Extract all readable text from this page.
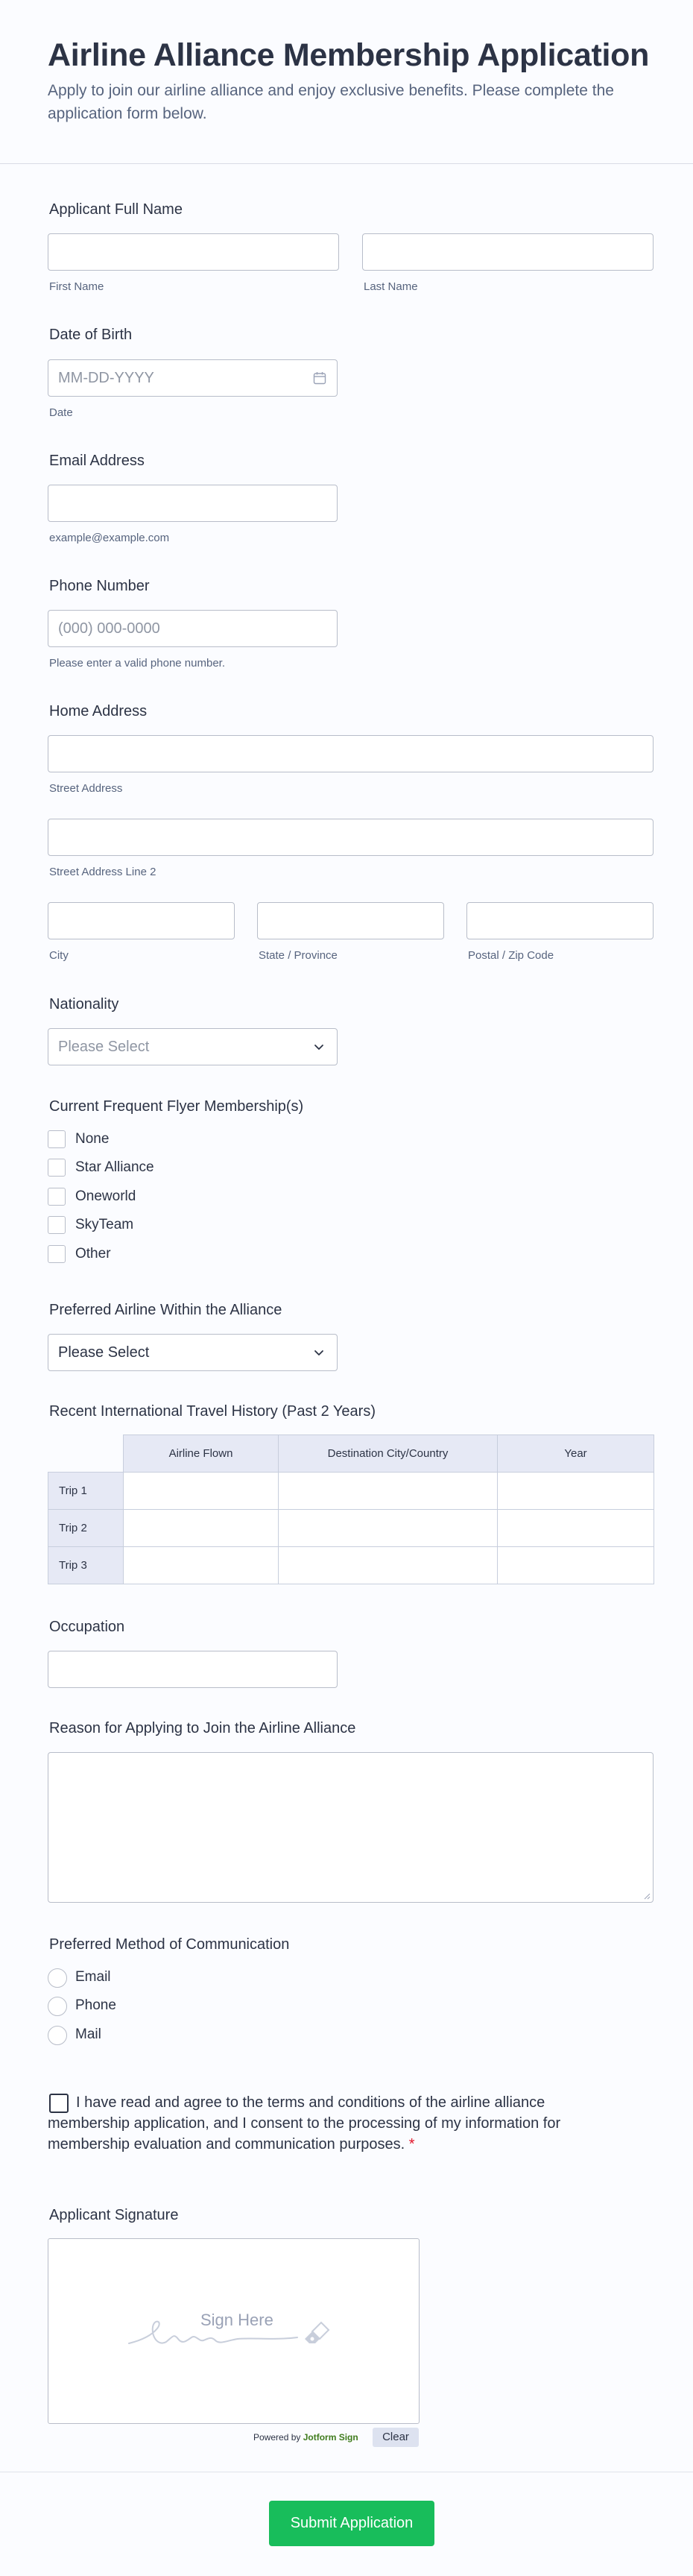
Airline Alliance Membership Application

Apply to join our airline alliance and enjoy exclusive benefits. Please complete the application form below.

Applicant Full Name
First Name	Last Name
Date of Birth
MM-DD-YYYY
Date
Email Address
example@example.com
Phone Number
(000) 000-0000
Please enter a valid phone number.
Home Address
Street Address
Street Address Line 2
City	State / Province	Postal / Zip Code
Nationality
Please Select
Current Frequent Flyer Membership(s)
None
Star Alliance
Oneworld
SkyTeam
Other
Preferred Airline Within the Alliance
Please Select
Recent International Travel History (Past 2 Years)
	Airline Flown	Destination City/Country	Year
Trip 1			
Trip 2			
Trip 3			
Occupation
Reason for Applying to Join the Airline Alliance
Preferred Method of Communication
Email
Phone
Mail
I have read and agree to the terms and conditions of the airline alliance membership application, and I consent to the processing of my information for membership evaluation and communication purposes. *
Applicant Signature
Sign Here
Powered by Jotform Sign	Clear
Submit Application
